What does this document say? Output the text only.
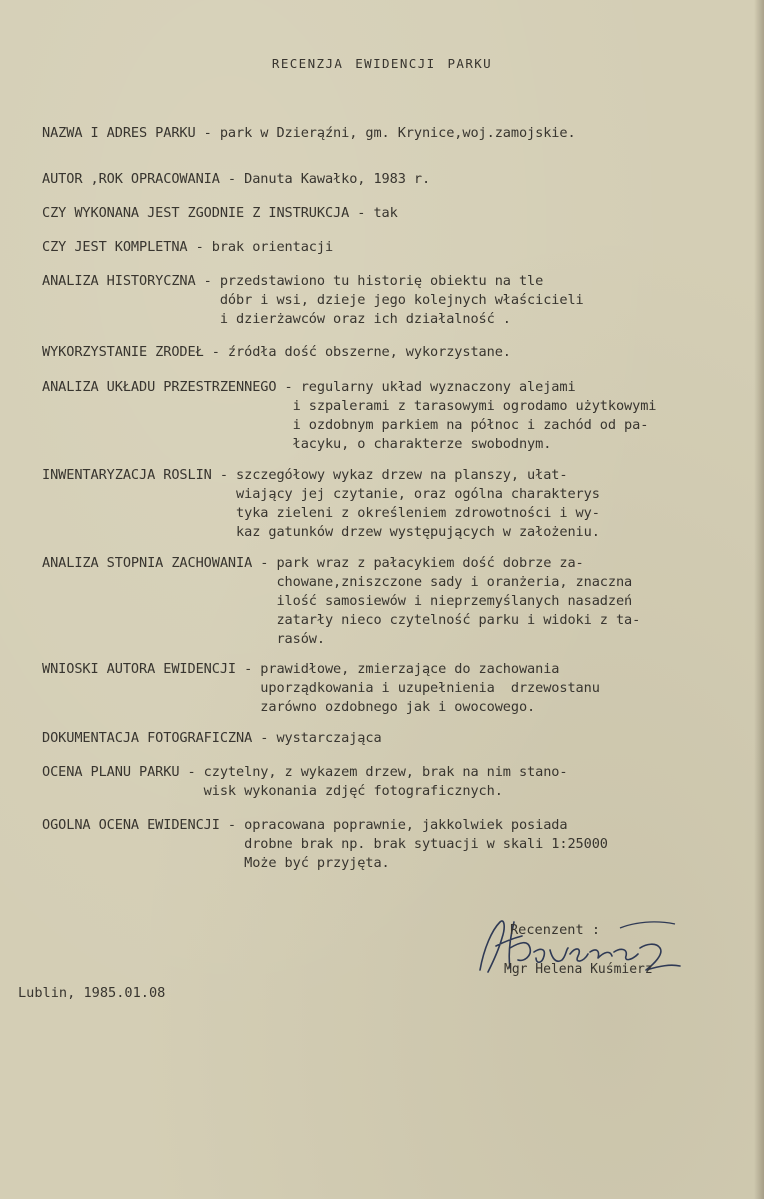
RECENZJA EWIDENCJI PARKU
NAZWA I ADRES PARKU - park w Dzierąźni, gm. Krynice,woj.zamojskie.
AUTOR ,ROK OPRACOWANIA - Danuta Kawałko, 1983 r.
CZY WYKONANA JEST ZGODNIE Z INSTRUKCJA - tak
CZY JEST KOMPLETNA - brak orientacji
ANALIZA HISTORYCZNA - przedstawiono tu historię obiektu na tle
dóbr i wsi, dzieje jego kolejnych właścicieli
i dzierżawców oraz ich działalność .
WYKORZYSTANIE ZRODEŁ - źródła dość obszerne, wykorzystane.
ANALIZA UKŁADU PRZESTRZENNEGO - regularny układ wyznaczony alejami
i szpalerami z tarasowymi ogrodamo użytkowymi
i ozdobnym parkiem na północ i zachód od pa-
łacyku, o charakterze swobodnym.
INWENTARYZACJA ROSLIN - szczegółowy wykaz drzew na planszy, ułat-
wiający jej czytanie, oraz ogólna charakterys
tyka zieleni z określeniem zdrowotności i wy-
kaz gatunków drzew występujących w założeniu.
ANALIZA STOPNIA ZACHOWANIA - park wraz z pałacykiem dość dobrze za-
chowane,zniszczone sady i oranżeria, znaczna
ilość samosiewów i nieprzemyślanych nasadzeń
zatarły nieco czytelność parku i widoki z ta-
rasów.
WNIOSKI AUTORA EWIDENCJI - prawidłowe, zmierzające do zachowania
uporządkowania i uzupełnienia  drzewostanu
zarówno ozdobnego jak i owocowego.
DOKUMENTACJA FOTOGRAFICZNA - wystarczająca
OCENA PLANU PARKU - czytelny, z wykazem drzew, brak na nim stano-
wisk wykonania zdjęć fotograficznych.
OGOLNA OCENA EWIDENCJI - opracowana poprawnie, jakkolwiek posiada
drobne brak np. brak sytuacji w skali 1:25000
Może być przyjęta.
Recenzent :
Mgr Helena Kuśmierz
Lublin, 1985.01.08
